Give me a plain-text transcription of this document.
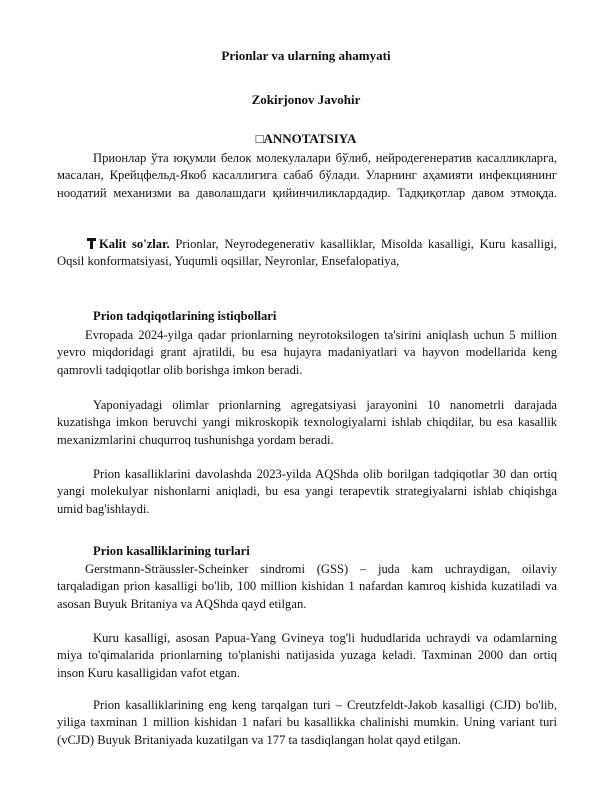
Prionlar va ularning ahamyati
Zokirjonov Javohir
□ANNOTATSIYA
Прионлар ўта юқумли белок молекулалари бўлиб, нейродегенератив касалликларга, масалан, Крейцфельд-Якоб касаллигига сабаб бўлади. Уларнинг аҳамияти инфекциянинг ноодатий механизми ва даволашдаги қийинчиликлардадир. Тадқиқотлар давом этмоқда.
Kalit so'zlar. Prionlar, Neyrodegenerativ kasalliklar, Misolda kasalligi, Kuru kasalligi, Oqsil konformatsiyasi, Yuqumli oqsillar, Neyronlar, Ensefalopatiya,
Prion tadqiqotlarining istiqbollari
Evropada 2024-yilga qadar prionlarning neyrotoksilogen ta'sirini aniqlash uchun 5 million yevro miqdoridagi grant ajratildi, bu esa hujayra madaniyatlari va hayvon modellarida keng qamrovli tadqiqotlar olib borishga imkon beradi.
Yaponiyadagi olimlar prionlarning agregatsiyasi jarayonini 10 nanometrli darajada kuzatishga imkon beruvchi yangi mikroskopik texnologiyalarni ishlab chiqdilar, bu esa kasallik mexanizmlarini chuqurroq tushunishga yordam beradi.
Prion kasalliklarini davolashda 2023-yilda AQShda olib borilgan tadqiqotlar 30 dan ortiq yangi molekulyar nishonlarni aniqladi, bu esa yangi terapevtik strategiyalarni ishlab chiqishga umid bag'ishlaydi.
Prion kasalliklarining turlari
Gerstmann-Sträussler-Scheinker sindromi (GSS) – juda kam uchraydigan, oilaviy tarqaladigan prion kasalligi bo'lib, 100 million kishidan 1 nafardan kamroq kishida kuzatiladi va asosan Buyuk Britaniya va AQShda qayd etilgan.
Kuru kasalligi, asosan Papua-Yang Gvineya tog'li hududlarida uchraydi va odamlarning miya to'qimalarida prionlarning to'planishi natijasida yuzaga keladi. Taxminan 2000 dan ortiq inson Kuru kasalligidan vafot etgan.
Prion kasalliklarining eng keng tarqalgan turi – Creutzfeldt-Jakob kasalligi (CJD) bo'lib, yiliga taxminan 1 million kishidan 1 nafari bu kasallikka chalinishi mumkin. Uning variant turi (vCJD) Buyuk Britaniyada kuzatilgan va 177 ta tasdiqlangan holat qayd etilgan.
